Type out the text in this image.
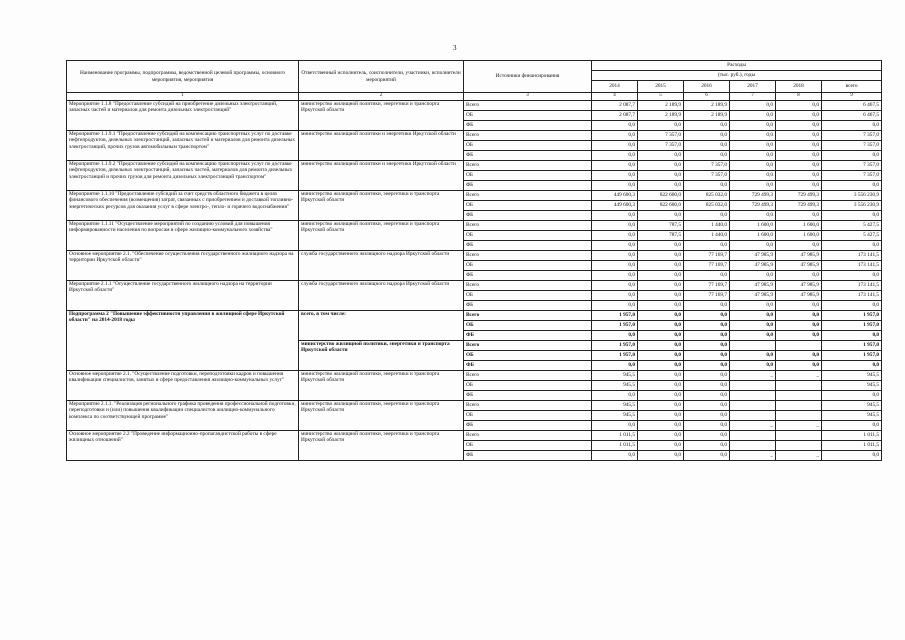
3
Наименование программы, подпрограммы, ведомственной целевой программы, основного мероприятия, мероприятия	Ответственный исполнитель, соисполнители, участники, исполнители мероприятий	Источники финансирования	Расходы					
			(тыс. руб.), годы					
			2014	2015	2016	2017	2018	всего
1	2	3	4	5	6	7	8	9
Мероприятие 1.1.8 "Предоставление субсидий на приобретение дизельных электростанций, запасных частей и материалов для ремонта дизельных электростанций"	министерство жилищной политики, энергетики и транспорта Иркутской области	Всего	2 087,7	2 189,9	2 189,9	0,0	0,0	6 467,5
		ОБ	2 087,7	2 189,9	2 189,9	0,0	0,0	6 467,5
		ФБ	0,0	0,0	0,0	0,0	0,0	0,0
Мероприятие 1.1.9.1 "Предоставление субсидий на компенсацию транспортных услуг по доставке нефтепродуктов, дизельных электростанций, запасных частей и материалов для ремонта дизельных электростанций, прочих грузов автомобильным транспортом"	министерство жилищной политики и энергетики Иркутской области	Всего	0,0	7 357,0	0,0	0,0	0,0	7 357,0
		ОБ	0,0	7 357,0	0,0	0,0	0,0	7 357,0
		ФБ	0,0	0,0	0,0	0,0	0,0	0,0
Мероприятие 1.1.9.2 "Предоставление субсидий на компенсацию транспортных услуг по доставке нефтепродуктов, дизельных электростанций, запасных частей, материалов для ремонта дизельных электростанций и прочих грузов для ремонта дизельных электростанций транспортом"	министерство жилищной политики и энергетики Иркутской области	Всего	0,0	0,0	7 357,0	0,0	0,0	7 357,0
		ОБ	0,0	0,0	7 357,0	0,0	0,0	7 357,0
		ФБ	0,0	0,0	0,0	0,0	0,0	0,0
Мероприятие 1.1.10 "Предоставление субсидий за счет средств областного бюджета в целях финансового обеспечения (возмещения) затрат, связанных с приобретением и доставкой топливно-энергетических ресурсов для оказания услуг в сфере электро-, тепло- и горячего водоснабжения"	министерство жилищной политики, энергетики и транспорта Иркутской области	Всего	449 600,3	822 600,0	825 032,0	729 499,3	729 499,3	3 556 230,9
		ОБ	449 600,3	822 600,0	825 032,0	729 499,3	729 499,3	3 556 230,9
		ФБ	0,0	0,0	0,0	0,0	0,0	0,0
Мероприятие 1.1.11 "Осуществление мероприятий по созданию условий для повышения информированности населения по вопросам в сфере жилищно-коммунального хозяйства"	министерство жилищной политики, энергетики и транспорта Иркутской области	Всего	0,0	787,5	1 440,0	1 600,0	1 600,0	5 427,5
		ОБ	0,0	787,5	1 440,0	1 600,0	1 600,0	5 427,5
		ФБ	0,0	0,0	0,0	0,0	0,0	0,0
Основное мероприятие 2.1. "Обеспечение осуществления государственного жилищного надзора на территории Иркутской области"	служба государственного жилищного надзора Иркутской области	Всего	0,0	0,0	77 169,7	47 985,9	47 985,9	173 141,5
		ОБ	0,0	0,0	77 169,7	47 985,9	47 985,9	173 141,5
		ФБ	0,0	0,0	0,0	0,0	0,0	0,0
Мероприятие 2.1.1 "Осуществление государственного жилищного надзора на территории Иркутской области"	служба государственного жилищного надзора Иркутской области	Всего	0,0	0,0	77 169,7	47 985,9	47 985,9	173 141,5
		ОБ	0,0	0,0	77 169,7	47 985,9	47 985,9	173 141,5
		ФБ	0,0	0,0	0,0	0,0	0,0	0,0
Подпрограмма 2 "Повышение эффективности управления в жилищной сфере Иркутской области" на 2014-2018 годы	всего, в том числе:	Всего	1 957,0	0,0	0,0	0,0	0,0	1 957,0
		ОБ	1 957,0	0,0	0,0	0,0	0,0	1 957,0
		ФБ	0,0	0,0	0,0	0,0	0,0	0,0
	министерство жилищной политики, энергетики и транспорта Иркутской области	Всего	1 957,0	0,0	0,0			1 957,0
		ОБ	1 957,0	0,0	0,0	0,0	0,0	1 957,0
		ФБ	0,0	0,0	0,0	0,0	0,0	0,0
Основное мероприятие 2.1. "Осуществление подготовки, переподготовки кадров и повышения квалификации специалистов, занятых в сфере предоставления жилищно-коммунальных услуг"	министерство жилищной политики, энергетики и транспорта Иркутской области	Всего	945,5	0,0	0,0	_	_	945,5
		ОБ	945,5	0,0	0,0			945,5
		ФБ	0,0	0,0	0,0			0,0
Мероприятие 2.1.1. "Реализация регионального графика проведения профессиональной подготовки, переподготовки и (или) повышения квалификации специалистов жилищно-коммунального комплекса по соответствующей программе"	министерство жилищной политики, энергетики и транспорта Иркутской области	Всего	945,5	0,0	0,0			945,5
		ОБ	945,5	0,0	0,0			945,5
		ФБ	0,0	0,0	0,0	_	_	0,0
Основное мероприятие 2.2 "Проведение информационно-пропагандистской работы в сфере жилищных отношений"	министерство жилищной политики, энергетики и транспорта Иркутской области	Всего	1 011,5	0,0	0,0			1 011,5
		ОБ	1 011,5	0,0	0,0			1 011,5
		ФБ	0,0	0,0	0,0	_	_	0,0
